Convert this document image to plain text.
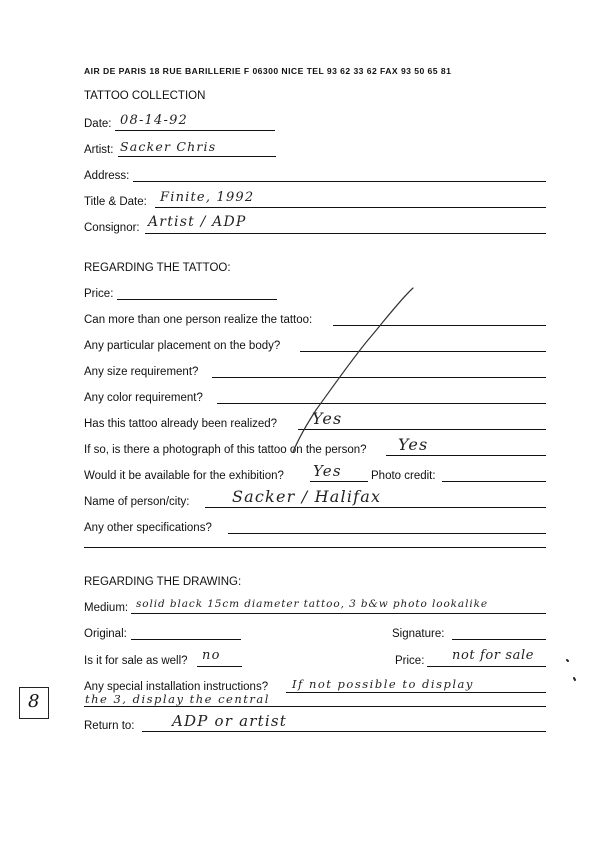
AIR DE PARIS 18 RUE BARILLERIE F 06300 NICE TEL 93 62 33 62 FAX 93 50 65 81
TATTOO COLLECTION
Date: 08-14-92
Artist: Sacker Chris
Address:
Title & Date: Finite, 1992
Consignor: Artist / ADP
REGARDING THE TATTOO:
Price:
Can more than one person realize the tattoo:
Any particular placement on the body?
Any size requirement?
Any color requirement?
Has this tattoo already been realized? Yes
If so, is there a photograph of this tattoo on the person? Yes
Would it be available for the exhibition? Yes	Photo credit:
Name of person/city:	Sacker / Halifax
Any other specifications?
REGARDING THE DRAWING:
Medium: solid black 15cm diameter tattoo, 3 b&w photo lookalike
Original:	Signature:
Is it for sale as well? no	Price: not for sale
Any special installation instructions? If not possible to display
the 3, display the central
Return to:	ADP or artist
8
